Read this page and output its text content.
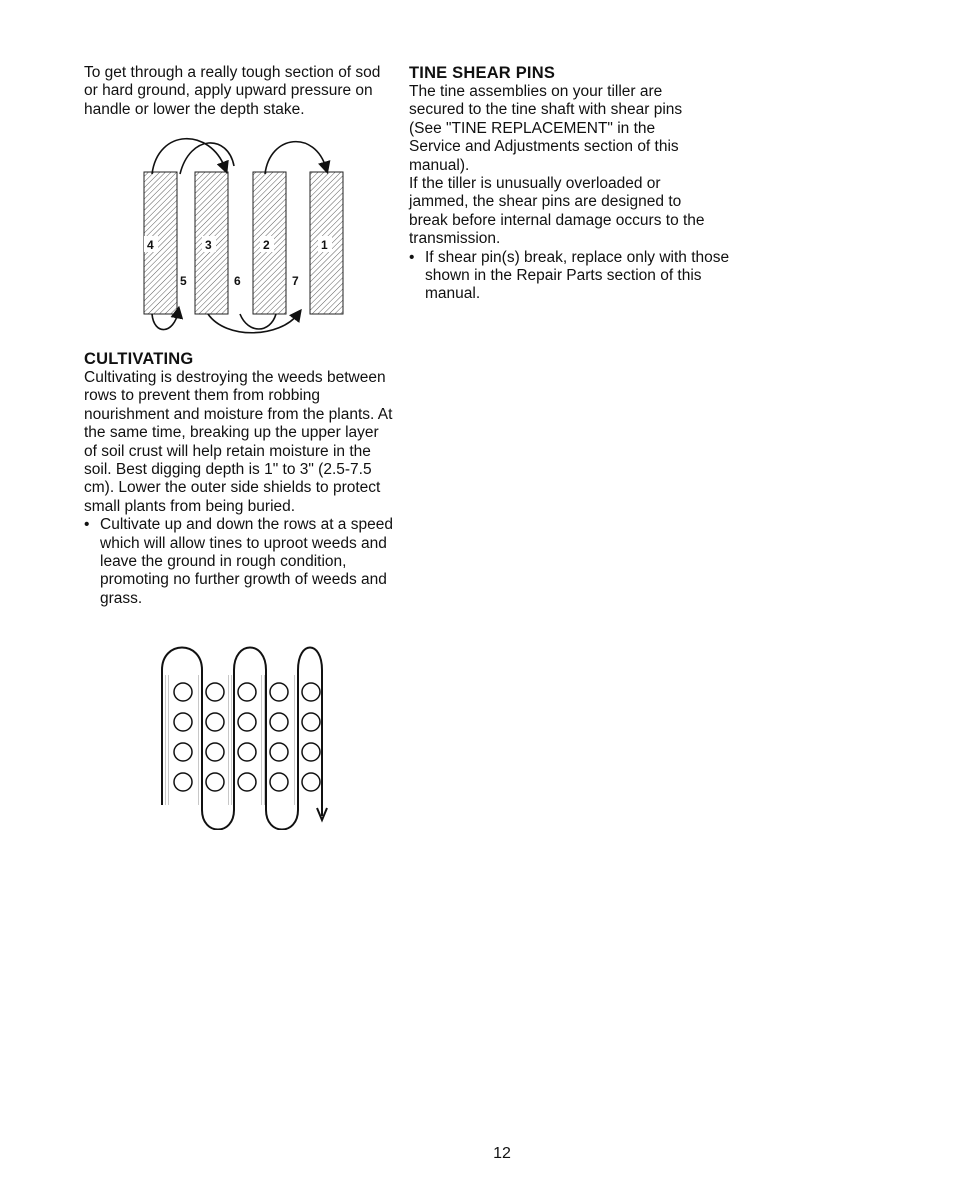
To get through a really tough section of sod or hard ground, apply upward pressure on handle or lower the depth stake.

4	3	2	1
5	6	7
CULTIVATING

Cultivating is destroying the weeds between rows to prevent them from robbing nourishment and moisture from the plants. At the same time, breaking up the upper layer of soil crust will help retain moisture in the soil. Best digging depth is 1" to 3" (2.5-7.5 cm). Lower the outer side shields to protect small plants from being buried.

• Cultivate up and down the rows at a speed which will allow tines to uproot weeds and leave the ground in rough condition, promoting no further growth of weeds and grass.

TINE SHEAR PINS

The tine assemblies on your tiller are secured to the tine shaft with shear pins (See "TINE REPLACEMENT" in the Service and Adjustments section of this manual).

If the tiller is unusually overloaded or jammed, the shear pins are designed to break before internal damage occurs to the transmission.

• If shear pin(s) break, replace only with those shown in the Repair Parts section of this manual.

12
